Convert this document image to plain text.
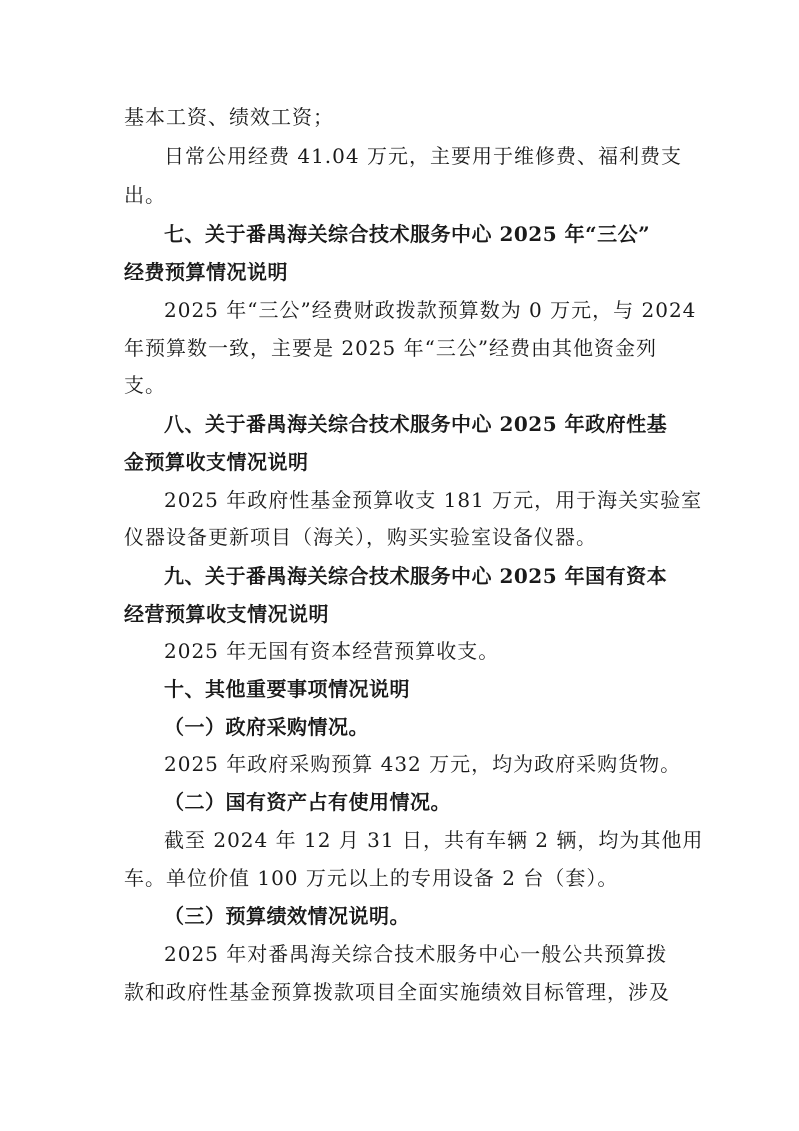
基本工资、绩效工资；
日常公用经费 41.04 万元，主要用于维修费、福利费支
出。
七、关于番禺海关综合技术服务中心 2025 年“三公”
经费预算情况说明
2025 年“三公”经费财政拨款预算数为 0 万元，与 2024
年预算数一致，主要是 2025 年“三公”经费由其他资金列
支。
八、关于番禺海关综合技术服务中心 2025 年政府性基
金预算收支情况说明
2025 年政府性基金预算收支 181 万元，用于海关实验室
仪器设备更新项目（海关），购买实验室设备仪器。
九、关于番禺海关综合技术服务中心 2025 年国有资本
经营预算收支情况说明
2025 年无国有资本经营预算收支。
十、其他重要事项情况说明
（一）政府采购情况。
2025 年政府采购预算 432 万元，均为政府采购货物。
（二）国有资产占有使用情况。
截至 2024 年 12 月 31 日，共有车辆 2 辆，均为其他用
车。单位价值 100 万元以上的专用设备 2 台（套）。
（三）预算绩效情况说明。
2025 年对番禺海关综合技术服务中心一般公共预算拨
款和政府性基金预算拨款项目全面实施绩效目标管理，涉及
